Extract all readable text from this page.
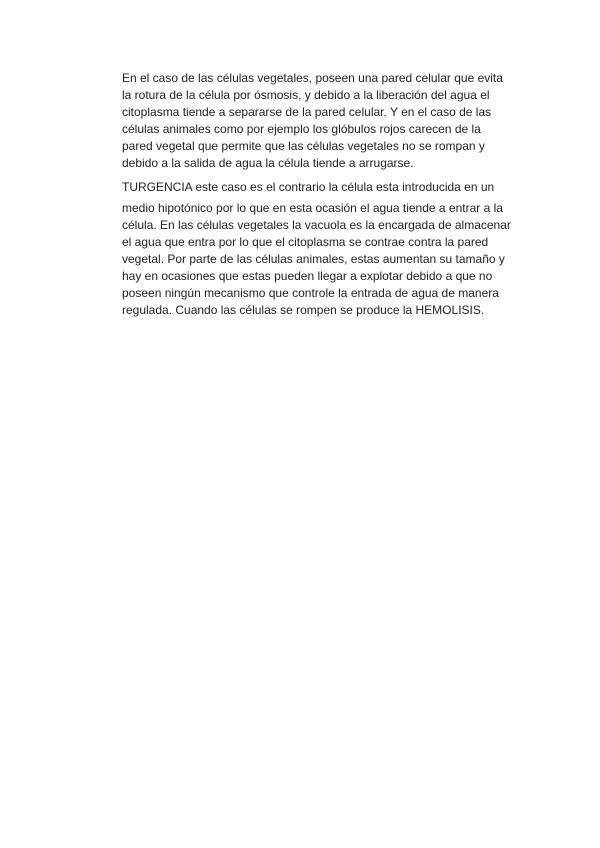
En el caso de las células vegetales, poseen una pared celular que evita
la rotura de la célula por ósmosis, y debido a la liberación del agua el
citoplasma tiende a separarse de la pared celular. Y en el caso de las
células animales como por ejemplo los glóbulos rojos carecen de la
pared vegetal que permite que las células vegetales no se rompan y
debido a la salida de agua la célula tiende a arrugarse.
TURGENCIA este caso es el contrario la célula esta introducida en un
medio hipotónico por lo que en esta ocasión el agua tiende a entrar a la
célula. En las células vegetales la vacuola es la encargada de almacenar
el agua que entra por lo que el citoplasma se contrae contra la pared
vegetal. Por parte de las células animales, estas aumentan su tamaño y
hay en ocasiones que estas pueden llegar a explotar debido a que no
poseen ningún mecanismo que controle la entrada de agua de manera
regulada. Cuando las células se rompen se produce la HEMOLISIS.
